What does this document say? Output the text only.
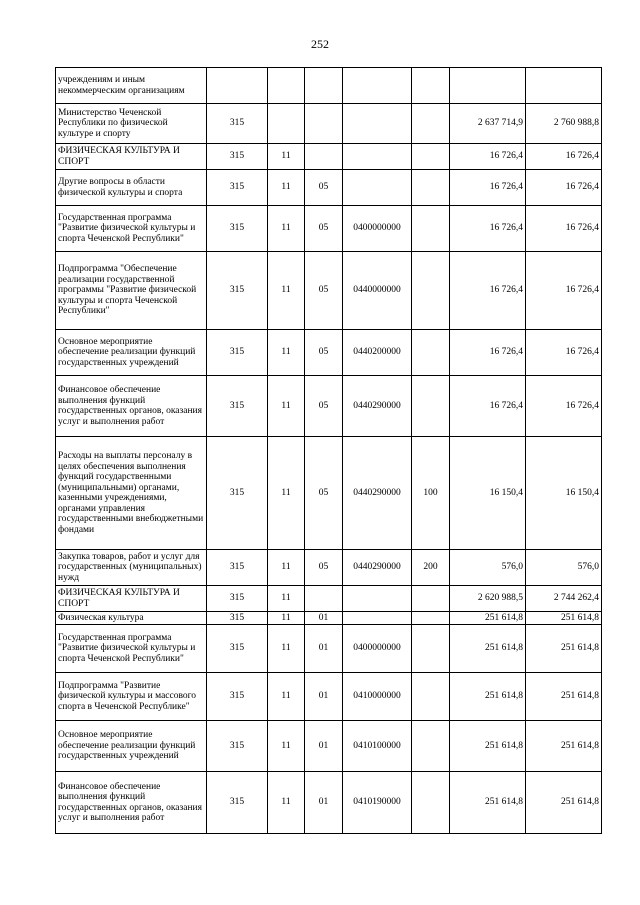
252
учреждениям и иным некоммерческим организациям							
Министерство Чеченской Республики по физической культуре и спорту	315					2 637 714,9	2 760 988,8
ФИЗИЧЕСКАЯ КУЛЬТУРА И СПОРТ	315	11				16 726,4	16 726,4
Другие вопросы в области физической культуры и спорта	315	11	05			16 726,4	16 726,4
Государственная программа "Развитие физической культуры и спорта Чеченской Республики"	315	11	05	0400000000		16 726,4	16 726,4
Подпрограмма "Обеспечение реализации государственной программы "Развитие физической культуры и спорта Чеченской Республики"	315	11	05	0440000000		16 726,4	16 726,4
Основное мероприятие обеспечение реализации функций государственных учреждений	315	11	05	0440200000		16 726,4	16 726,4
Финансовое обеспечение выполнения функций государственных органов, оказания услуг и выполнения работ	315	11	05	0440290000		16 726,4	16 726,4
Расходы на выплаты персоналу в целях обеспечения выполнения функций государственными (муниципальными) органами, казенными учреждениями, органами управления государственными внебюджетными фондами	315	11	05	0440290000	100	16 150,4	16 150,4
Закупка товаров, работ и услуг для государственных (муниципальных) нужд	315	11	05	0440290000	200	576,0	576,0
ФИЗИЧЕСКАЯ КУЛЬТУРА И СПОРТ	315	11				2 620 988,5	2 744 262,4
Физическая культура	315	11	01			251 614,8	251 614,8
Государственная программа "Развитие физической культуры и спорта Чеченской Республики"	315	11	01	0400000000		251 614,8	251 614,8
Подпрограмма "Развитие физической культуры и массового спорта в Чеченской Республике"	315	11	01	0410000000		251 614,8	251 614,8
Основное мероприятие обеспечение реализации функций государственных учреждений	315	11	01	0410100000		251 614,8	251 614,8
Финансовое обеспечение выполнения функций государственных органов, оказания услуг и выполнения работ	315	11	01	0410190000		251 614,8	251 614,8
